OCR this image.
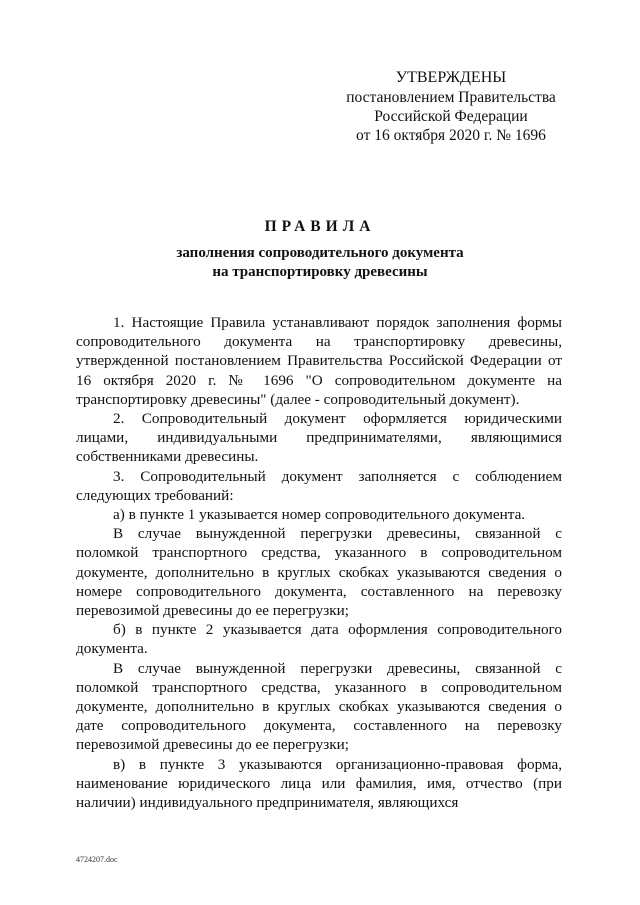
УТВЕРЖДЕНЫ
постановлением Правительства
Российской Федерации
от 16 октября 2020 г. № 1696
ПРАВИЛА
заполнения сопроводительного документа
на транспортировку древесины

1. Настоящие Правила устанавливают порядок заполнения формы сопроводительного документа на транспортировку древесины, утвержденной постановлением Правительства Российской Федерации от 16 октября 2020 г. № 1696 "О сопроводительном документе на транспортировку древесины" (далее - сопроводительный документ).

2. Сопроводительный документ оформляется юридическими лицами, индивидуальными предпринимателями, являющимися собственниками древесины.

3. Сопроводительный документ заполняется с соблюдением следующих требований:

а) в пункте 1 указывается номер сопроводительного документа.

В случае вынужденной перегрузки древесины, связанной с поломкой транспортного средства, указанного в сопроводительном документе, дополнительно в круглых скобках указываются сведения о номере сопроводительного документа, составленного на перевозку перевозимой древесины до ее перегрузки;

б) в пункте 2 указывается дата оформления сопроводительного документа.

В случае вынужденной перегрузки древесины, связанной с поломкой транспортного средства, указанного в сопроводительном документе, дополнительно в круглых скобках указываются сведения о дате сопроводительного документа, составленного на перевозку перевозимой древесины до ее перегрузки;

в) в пункте 3 указываются организационно-правовая форма, наименование юридического лица или фамилия, имя, отчество (при наличии) индивидуального предпринимателя, являющихся

4724207.doc
